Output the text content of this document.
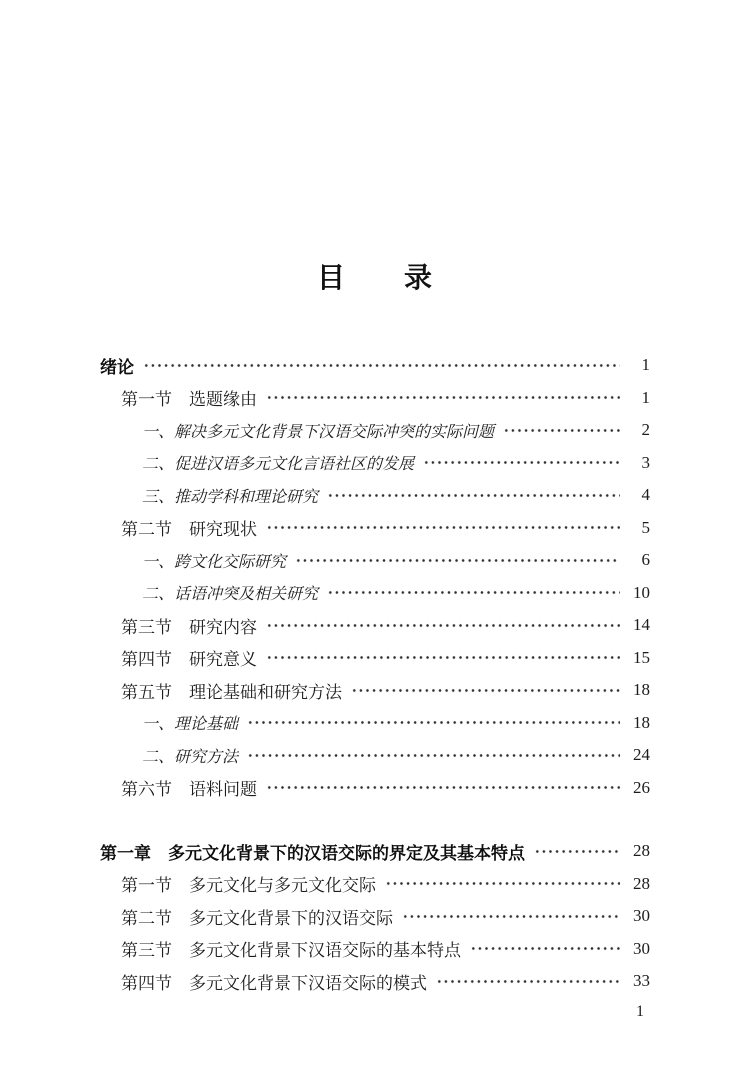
目　　录
绪论	1
第一节　选题缘由	1
一、解决多元文化背景下汉语交际冲突的实际问题	2
二、促进汉语多元文化言语社区的发展	3
三、推动学科和理论研究	4
第二节　研究现状	5
一、跨文化交际研究	6
二、话语冲突及相关研究	10
第三节　研究内容	14
第四节　研究意义	15
第五节　理论基础和研究方法	18
一、理论基础	18
二、研究方法	24
第六节　语料问题	26
第一章　多元文化背景下的汉语交际的界定及其基本特点	28
第一节　多元文化与多元文化交际	28
第二节　多元文化背景下的汉语交际	30
第三节　多元文化背景下汉语交际的基本特点	30
第四节　多元文化背景下汉语交际的模式	33
1
